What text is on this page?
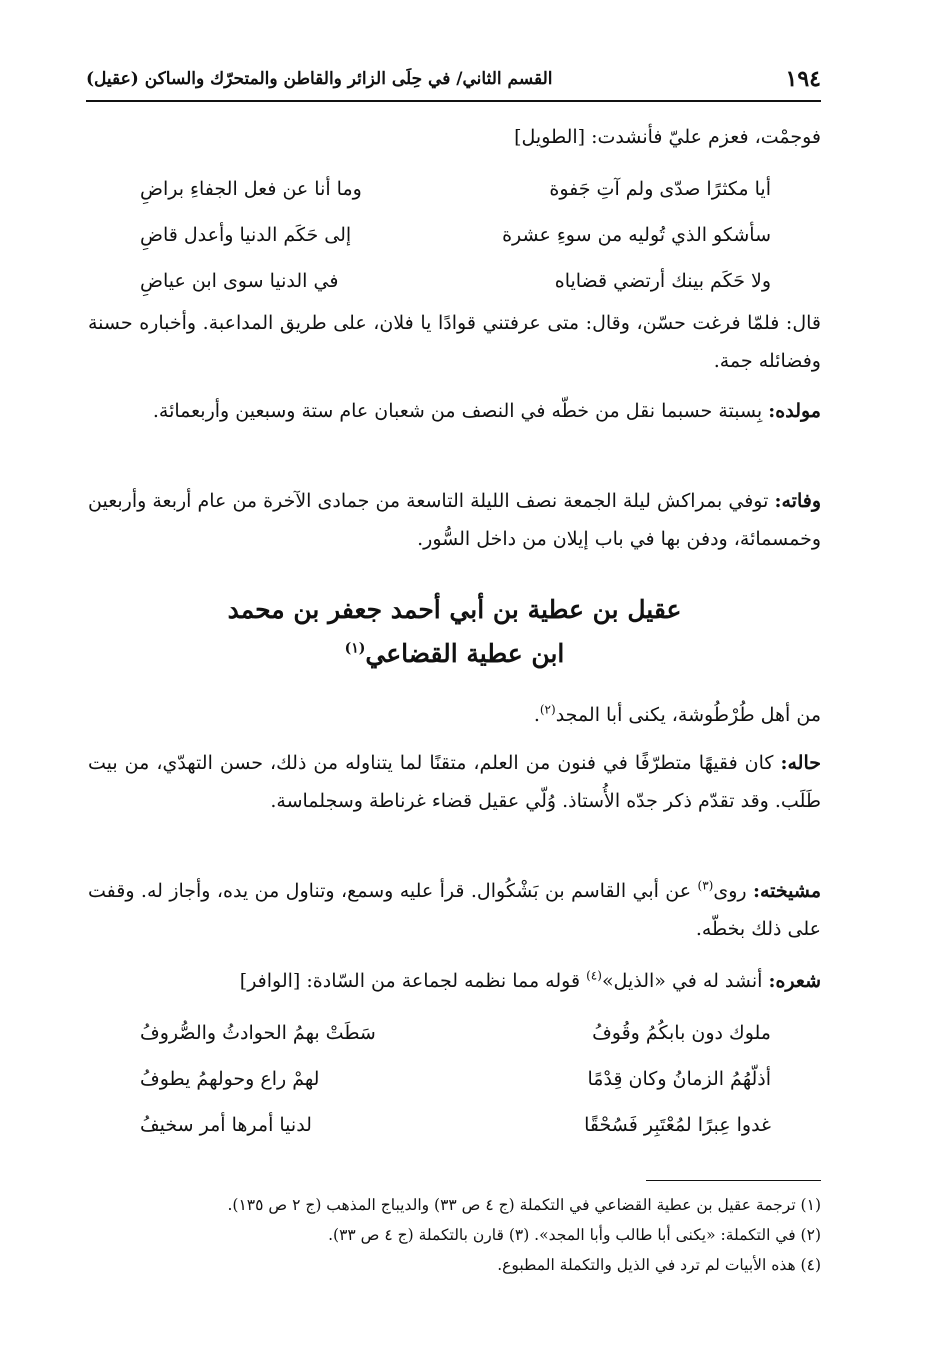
١٩٤
القسم الثاني/ في حِلَى الزائر والقاطن والمتحرّك والساكن (عقيل)
فوجمْت، فعزم عليّ فأنشدت: [الطويل]
أيا مكثرًا صدّى ولم آتِ جَفوة
وما أنا عن فعل الجفاءِ براضِ
سأشكو الذي تُوليه من سوءِ عشرة
إلى حَكَم الدنيا وأعدل قاضِ
ولا حَكَم بينك أرتضي قضاياه
في الدنيا سوى ابن عياضِ
قال: فلمّا فرغت حسّن، وقال: متى عرفتني قوادًا يا فلان، على طريق المداعبة. وأخباره حسنة وفضائله جمة.
مولده: بِسبتة حسبما نقل من خطّه في النصف من شعبان عام ستة وسبعين وأربعمائة.
وفاته: توفي بمراكش ليلة الجمعة نصف الليلة التاسعة من جمادى الآخرة من عام أربعة وأربعين وخمسمائة، ودفن بها في باب إيلان من داخل السُّور.
عقيل بن عطية بن أبي أحمد جعفر بن محمد
ابن عطية القضاعي$^{(١)}$
من أهل طُرْطُوشة، يكنى أبا المجد$^{(٢)}$.
حاله: كان فقيهًا متطرّفًا في فنون من العلم، متقنًا لما يتناوله من ذلك، حسن التهدّي، من بيت طَلَب. وقد تقدّم ذكر جدّه الأُستاذ. وُلّي عقيل قضاء غرناطة وسجلماسة.
مشيخته: روى$^{(٣)}$ عن أبي القاسم بن بَشْكُوال. قرأ عليه وسمع، وتناول من يده، وأجاز له. وقفت على ذلك بخطّه.
شعره: أنشد له في «الذيل»$^{(٤)}$ قوله مما نظمه لجماعة من السّادة: [الوافر]
ملوك دون بابكُمُ وقُوفُ
سَطَتْ بهمُ الحوادثُ والصُّروفُ
أذلّهُمُ الزمانُ وكان قِدْمًا
لهمْ راع وحولهمُ يطوفُ
غدوا عِبرًا لمُعْتَبِر فَسُحْقًا
لدنيا أمرها أمر سخيفُ
(١) ترجمة عقيل بن عطية القضاعي في التكملة (ج ٤ ص ٣٣) والديباج المذهب (ج ٢ ص ١٣٥).
(٢) في التكملة: «يكنى أبا طالب وأبا المجد». (٣) قارن بالتكملة (ج ٤ ص ٣٣).
(٤) هذه الأبيات لم ترد في الذيل والتكملة المطبوع.
